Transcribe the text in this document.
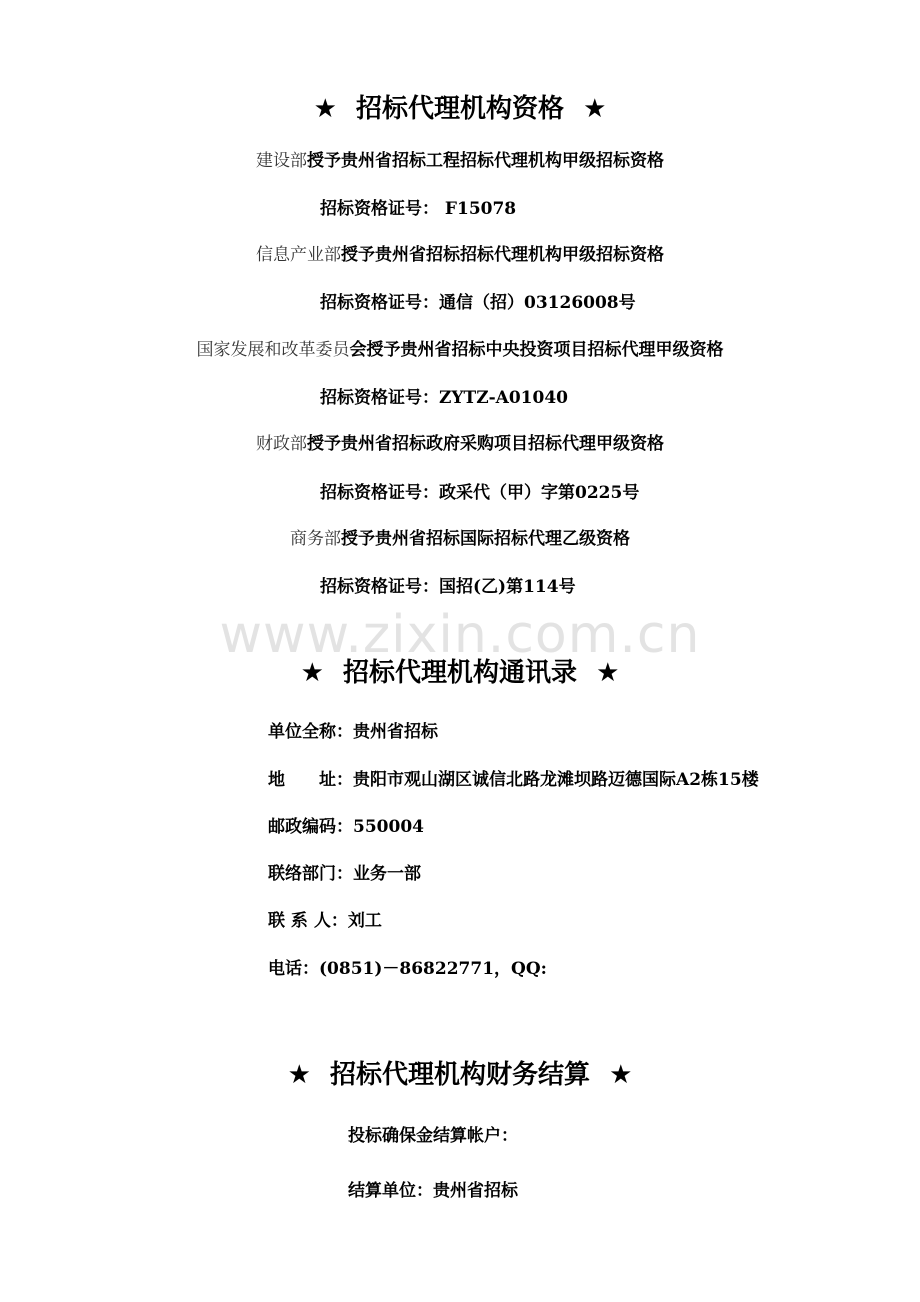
www.zixin.com.cn
★ 招标代理机构资格 ★
建设部授予贵州省招标工程招标代理机构甲级招标资格
招标资格证号： F15078
信息产业部授予贵州省招标招标代理机构甲级招标资格
招标资格证号：通信（招）03126008号
国家发展和改革委员会授予贵州省招标中央投资项目招标代理甲级资格
招标资格证号：ZYTZ-A01040
财政部授予贵州省招标政府采购项目招标代理甲级资格
招标资格证号：政采代（甲）字第0225号
商务部授予贵州省招标国际招标代理乙级资格
招标资格证号：国招(乙)第114号
★ 招标代理机构通讯录 ★
单位全称：贵州省招标
地　　址：贵阳市观山湖区诚信北路龙滩坝路迈德国际A2栋15楼
邮政编码：550004
联络部门：业务一部
联 系 人：刘工
电话：(0851)－86822771，QQ:
★ 招标代理机构财务结算 ★
投标确保金结算帐户：
结算单位：贵州省招标
